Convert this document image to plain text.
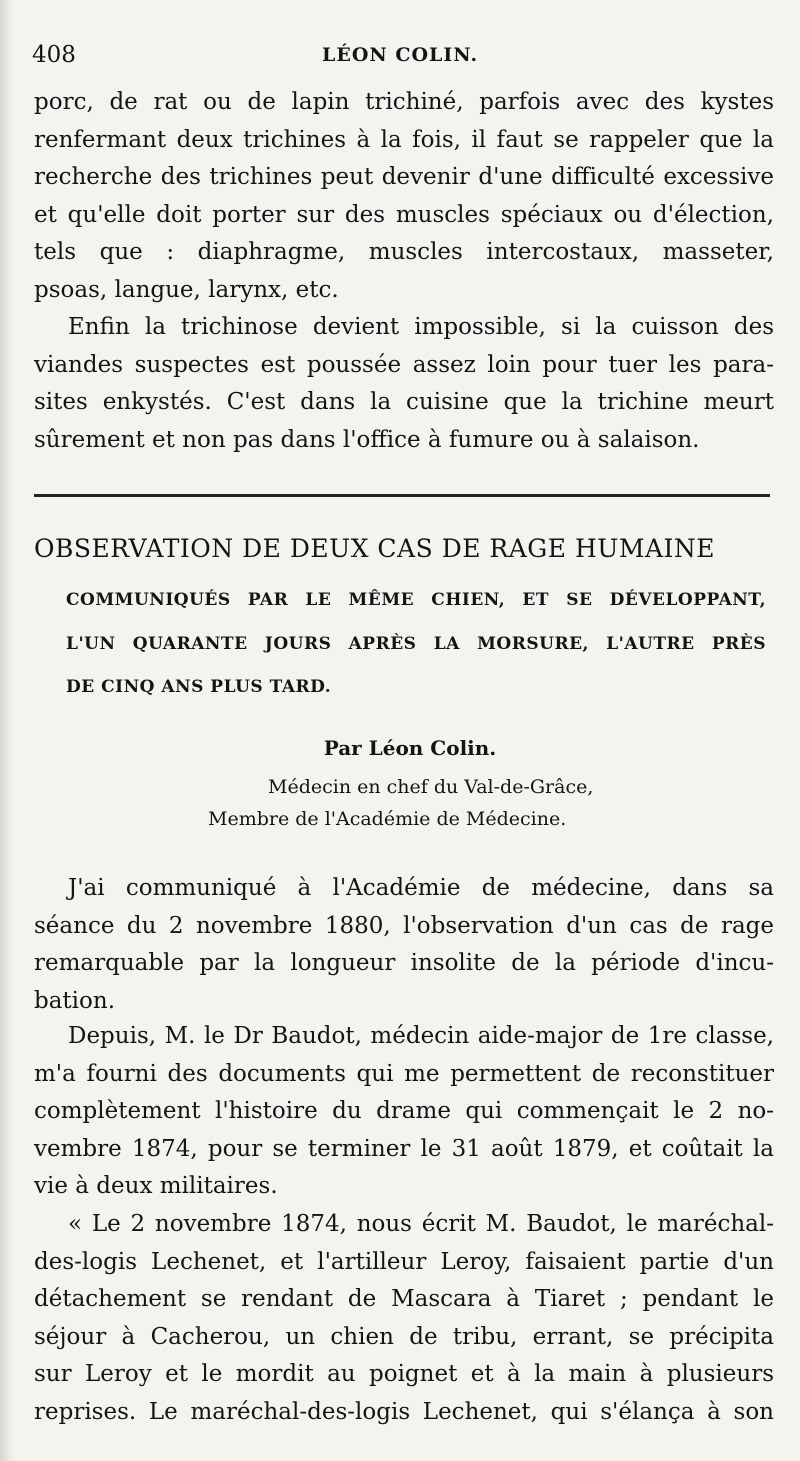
408	LÉON COLIN.
porc, de rat ou de lapin trichiné, parfois avec des kystes
renfermant deux trichines à la fois, il faut se rappeler que la
recherche des trichines peut devenir d'une difficulté excessive
et qu'elle doit porter sur des muscles spéciaux ou d'élection,
tels que : diaphragme, muscles intercostaux, masseter,
psoas, langue, larynx, etc.
Enfin la trichinose devient impossible, si la cuisson des
viandes suspectes est poussée assez loin pour tuer les para-
sites enkystés. C'est dans la cuisine que la trichine meurt
sûrement et non pas dans l'office à fumure ou à salaison.
OBSERVATION DE DEUX CAS DE RAGE HUMAINE
COMMUNIQUÉS PAR LE MÊME CHIEN, ET SE DÉVELOPPANT,
L'UN QUARANTE JOURS APRÈS LA MORSURE, L'AUTRE PRÈS
DE CINQ ANS PLUS TARD.
Par Léon Colin.
Médecin en chef du Val-de-Grâce,
Membre de l'Académie de Médecine.
J'ai communiqué à l'Académie de médecine, dans sa
séance du 2 novembre 1880, l'observation d'un cas de rage
remarquable par la longueur insolite de la période d'incu-
bation.
Depuis, M. le Dr Baudot, médecin aide-major de 1re classe,
m'a fourni des documents qui me permettent de reconstituer
complètement l'histoire du drame qui commençait le 2 no-
vembre 1874, pour se terminer le 31 août 1879, et coûtait la
vie à deux militaires.
« Le 2 novembre 1874, nous écrit M. Baudot, le maréchal-
des-logis Lechenet, et l'artilleur Leroy, faisaient partie d'un
détachement se rendant de Mascara à Tiaret ; pendant le
séjour à Cacherou, un chien de tribu, errant, se précipita
sur Leroy et le mordit au poignet et à la main à plusieurs
reprises. Le maréchal-des-logis Lechenet, qui s'élança à son
